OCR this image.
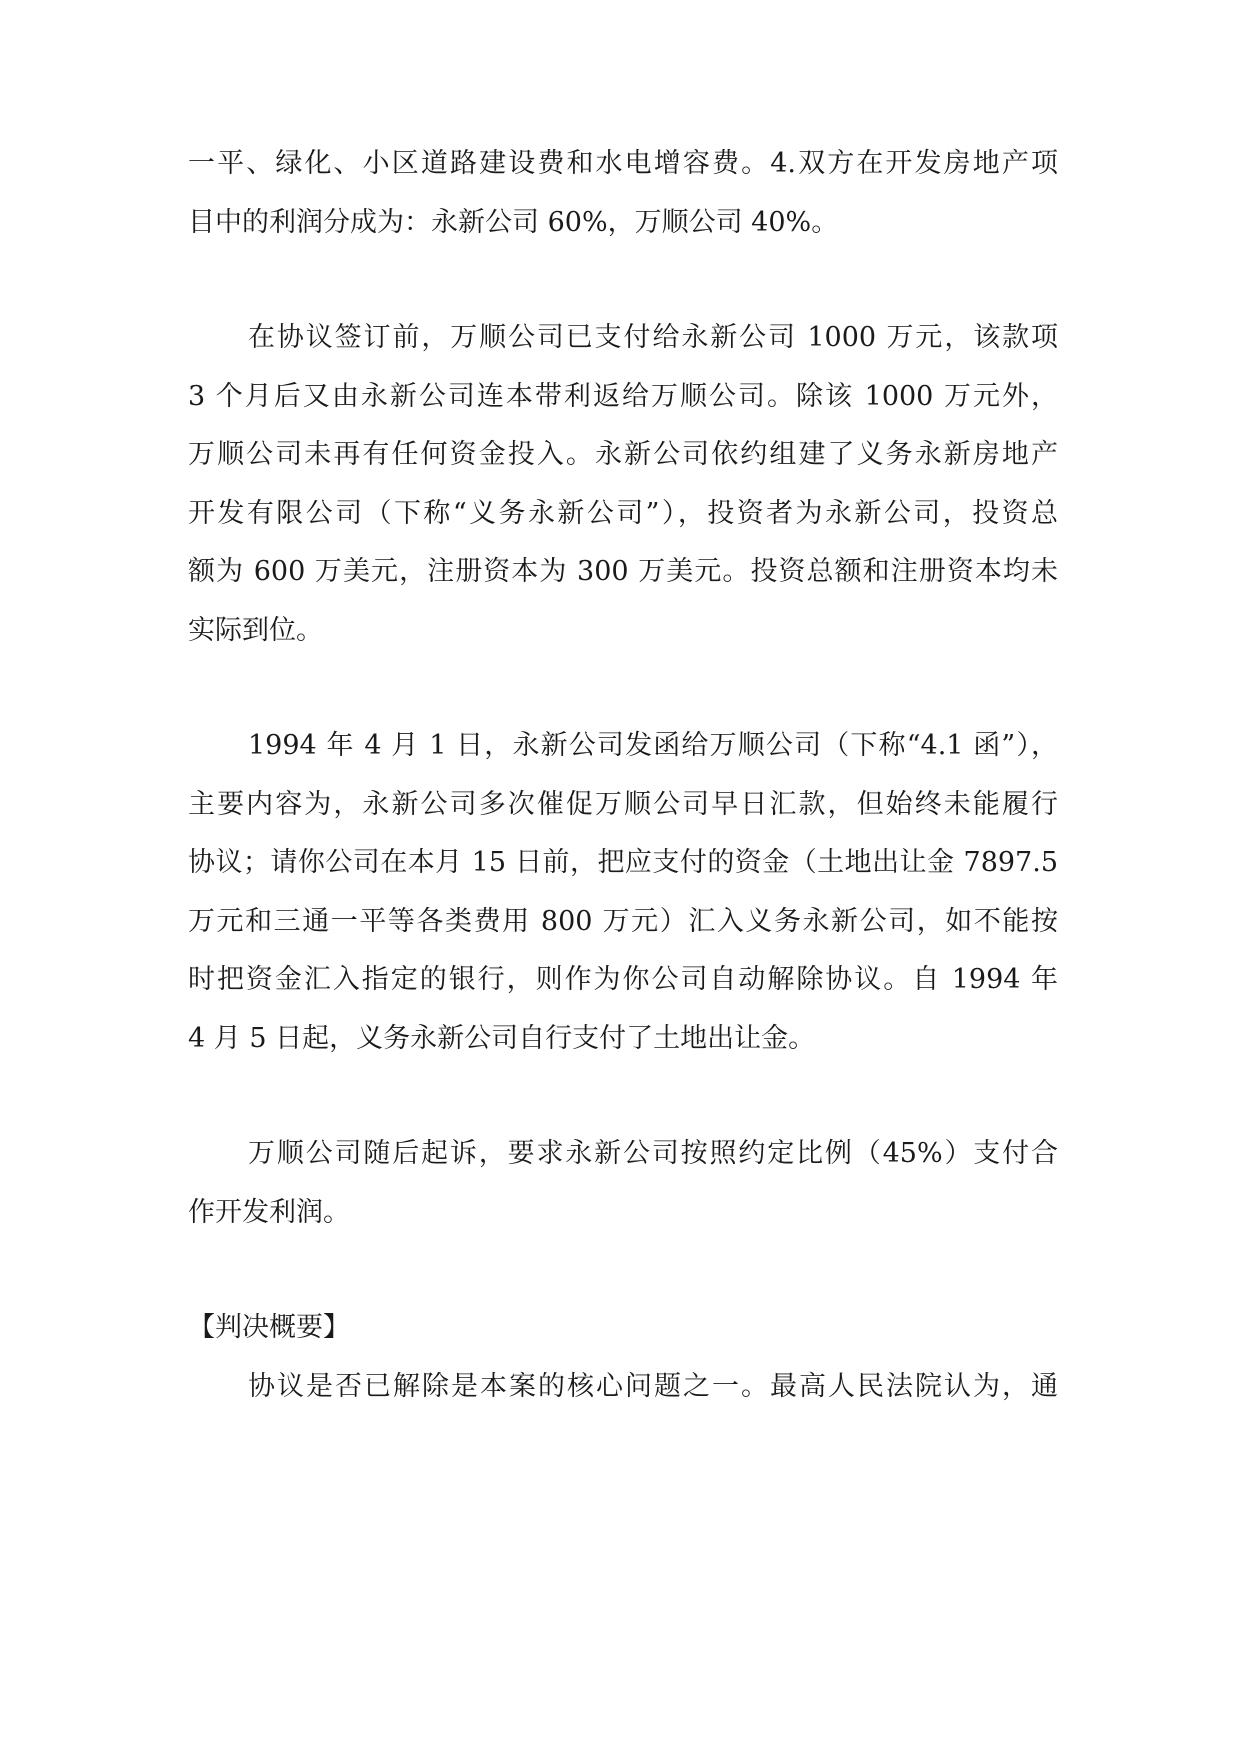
一平、绿化、小区道路建设费和水电增容费。4.双方在开发房地产项
目中的利润分成为：永新公司 60%，万顺公司 40%。
在协议签订前，万顺公司已支付给永新公司 1000 万元，该款项
3 个月后又由永新公司连本带利返给万顺公司。除该 1000 万元外，
万顺公司未再有任何资金投入。永新公司依约组建了义务永新房地产
开发有限公司（下称“义务永新公司”），投资者为永新公司，投资总
额为 600 万美元，注册资本为 300 万美元。投资总额和注册资本均未
实际到位。
1994 年 4 月 1 日，永新公司发函给万顺公司（下称“4.1 函”），
主要内容为，永新公司多次催促万顺公司早日汇款，但始终未能履行
协议；请你公司在本月 15 日前，把应支付的资金（土地出让金 7897.5
万元和三通一平等各类费用 800 万元）汇入义务永新公司，如不能按
时把资金汇入指定的银行，则作为你公司自动解除协议。自 1994 年
4 月 5 日起，义务永新公司自行支付了土地出让金。
万顺公司随后起诉，要求永新公司按照约定比例（45%）支付合
作开发利润。
【判决概要】
协议是否已解除是本案的核心问题之一。最高人民法院认为，通
